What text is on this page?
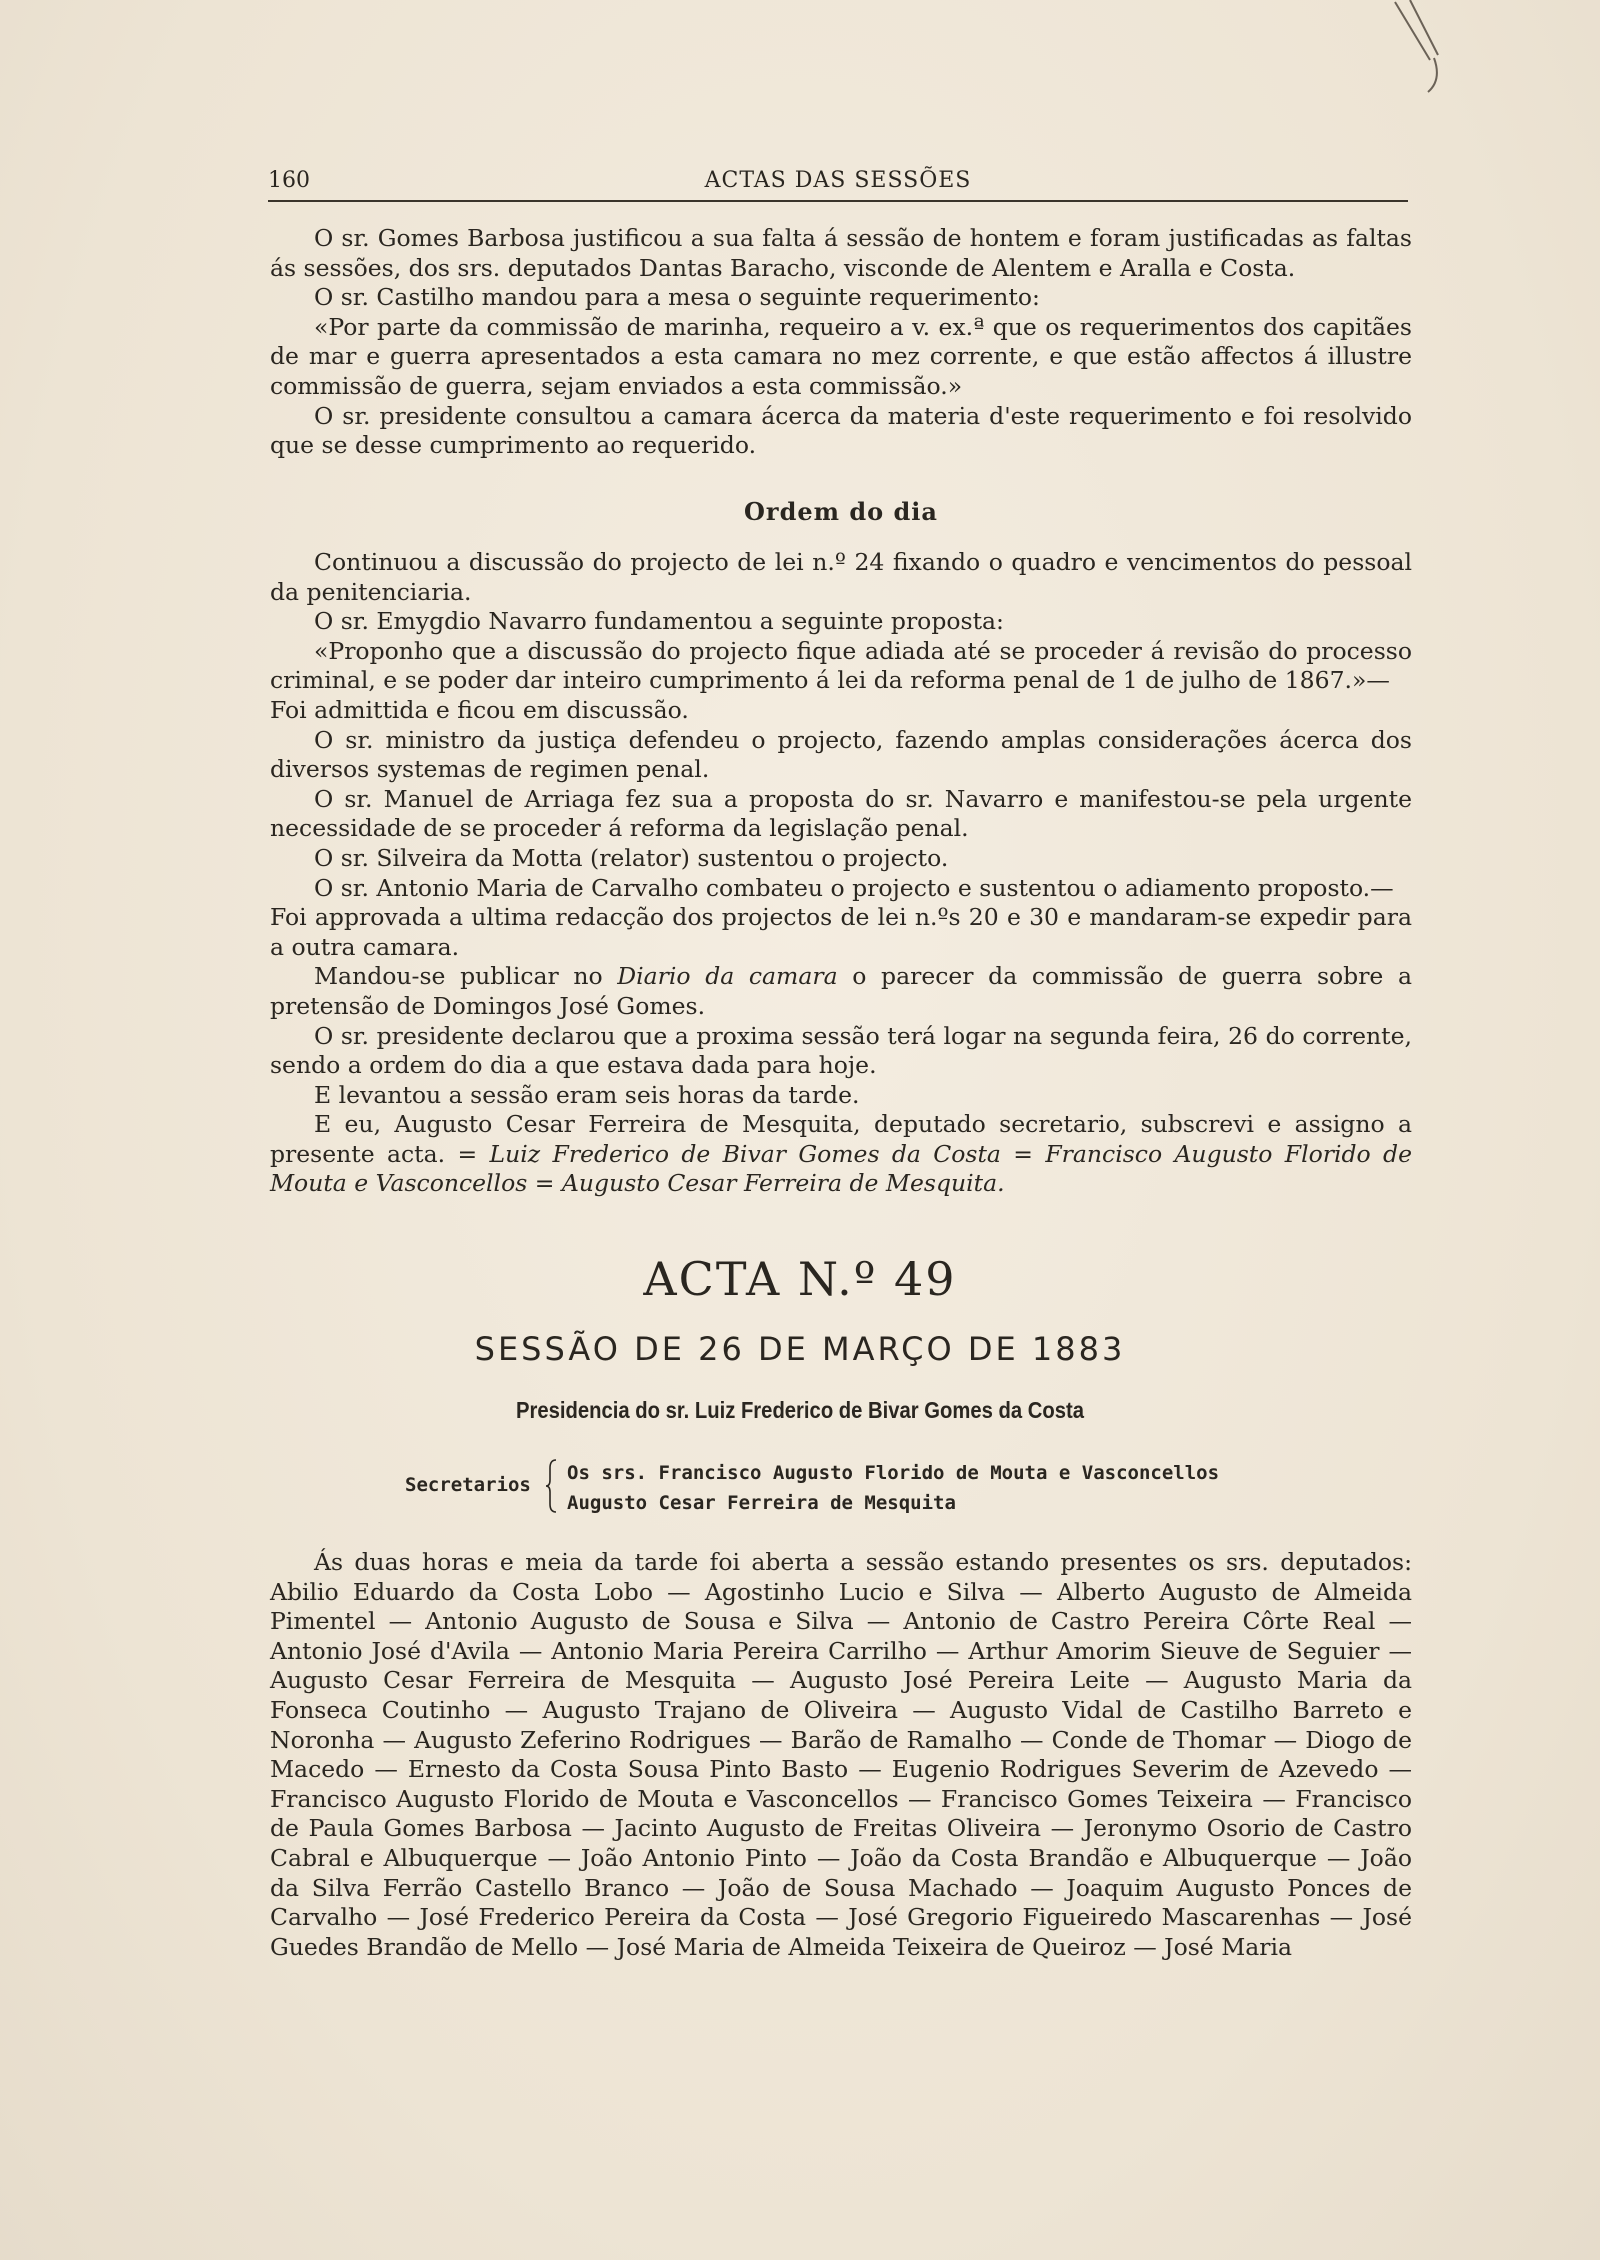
160	ACTAS DAS SESSÕES

O sr. Gomes Barbosa justificou a sua falta á sessão de hontem e foram justificadas as faltas ás sessões, dos srs. deputados Dantas Baracho, visconde de Alentem e Aralla e Costa.

O sr. Castilho mandou para a mesa o seguinte requerimento:

«Por parte da commissão de marinha, requeiro a v. ex.ª que os requerimentos dos capitães de mar e guerra apresentados a esta camara no mez corrente, e que estão affectos á illustre commissão de guerra, sejam enviados a esta commissão.»

O sr. presidente consultou a camara ácerca da materia d'este requerimento e foi resolvido que se desse cumprimento ao requerido.

Ordem do dia

Continuou a discussão do projecto de lei n.º 24 fixando o quadro e vencimentos do pessoal da penitenciaria.

O sr. Emygdio Navarro fundamentou a seguinte proposta:

«Proponho que a discussão do projecto fique adiada até se proceder á revisão do processo criminal, e se poder dar inteiro cumprimento á lei da reforma penal de 1 de julho de 1867.»—

Foi admittida e ficou em discussão.

O sr. ministro da justiça defendeu o projecto, fazendo amplas considerações ácerca dos diversos systemas de regimen penal.

O sr. Manuel de Arriaga fez sua a proposta do sr. Navarro e manifestou-se pela urgente necessidade de se proceder á reforma da legislação penal.

O sr. Silveira da Motta (relator) sustentou o projecto.

O sr. Antonio Maria de Carvalho combateu o projecto e sustentou o adiamento proposto.—

Foi approvada a ultima redacção dos projectos de lei n.ºs 20 e 30 e mandaram-se expedir para a outra camara.

Mandou-se publicar no Diario da camara o parecer da commissão de guerra sobre a pretensão de Domingos José Gomes.

O sr. presidente declarou que a proxima sessão terá logar na segunda feira, 26 do corrente, sendo a ordem do dia a que estava dada para hoje.

E levantou a sessão eram seis horas da tarde.

E eu, Augusto Cesar Ferreira de Mesquita, deputado secretario, subscrevi e assigno a presente acta. = Luiz Frederico de Bivar Gomes da Costa = Francisco Augusto Florido de Mouta e Vasconcellos = Augusto Cesar Ferreira de Mesquita.

ACTA N.º 49
SESSÃO DE 26 DE MARÇO DE 1883
Presidencia do sr. Luiz Frederico de Bivar Gomes da Costa
Secretarios
Os srs. Francisco Augusto Florido de Mouta e Vasconcellos
Augusto Cesar Ferreira de Mesquita

Ás duas horas e meia da tarde foi aberta a sessão estando presentes os srs. deputados: Abilio Eduardo da Costa Lobo — Agostinho Lucio e Silva — Alberto Augusto de Almeida Pimentel — Antonio Augusto de Sousa e Silva — Antonio de Castro Pereira Côrte Real — Antonio José d'Avila — Antonio Maria Pereira Carrilho — Arthur Amorim Sieuve de Seguier — Augusto Cesar Ferreira de Mesquita — Augusto José Pereira Leite — Augusto Maria da Fonseca Coutinho — Augusto Trajano de Oliveira — Augusto Vidal de Castilho Barreto e Noronha — Augusto Zeferino Rodrigues — Barão de Ramalho — Conde de Thomar — Diogo de Macedo — Ernesto da Costa Sousa Pinto Basto — Eugenio Rodrigues Severim de Azevedo — Francisco Augusto Florido de Mouta e Vasconcellos — Francisco Gomes Teixeira — Francisco de Paula Gomes Barbosa — Jacinto Augusto de Freitas Oliveira — Jeronymo Osorio de Castro Cabral e Albuquerque — João Antonio Pinto — João da Costa Brandão e Albuquerque — João da Silva Ferrão Castello Branco — João de Sousa Machado — Joaquim Augusto Ponces de Carvalho — José Frederico Pereira da Costa — José Gregorio Figueiredo Mascarenhas — José Guedes Brandão de Mello — José Maria de Almeida Teixeira de Queiroz — José Maria
